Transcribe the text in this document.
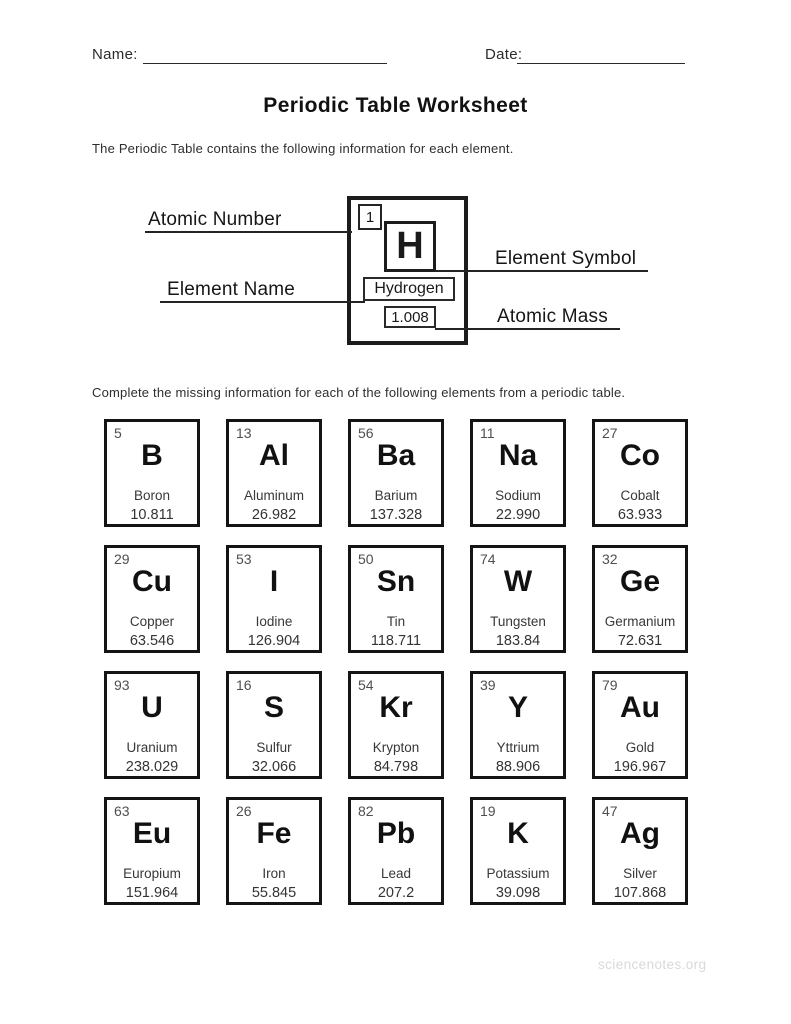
Name:	Date:
Periodic Table Worksheet
The Periodic Table contains the following information for each element.
1
H
Hydrogen
1.008
Atomic Number
Element Symbol
Element Name
Atomic Mass
Complete the missing information for each of the following elements from a periodic table.
5
B
Boron
10.811
13
Al
Aluminum
26.982
56
Ba
Barium
137.328
11
Na
Sodium
22.990
27
Co
Cobalt
63.933
29
Cu
Copper
63.546
53
I
Iodine
126.904
50
Sn
Tin
118.711
74
W
Tungsten
183.84
32
Ge
Germanium
72.631
93
U
Uranium
238.029
16
S
Sulfur
32.066
54
Kr
Krypton
84.798
39
Y
Yttrium
88.906
79
Au
Gold
196.967
63
Eu
Europium
151.964
26
Fe
Iron
55.845
82
Pb
Lead
207.2
19
K
Potassium
39.098
47
Ag
Silver
107.868
sciencenotes.org
